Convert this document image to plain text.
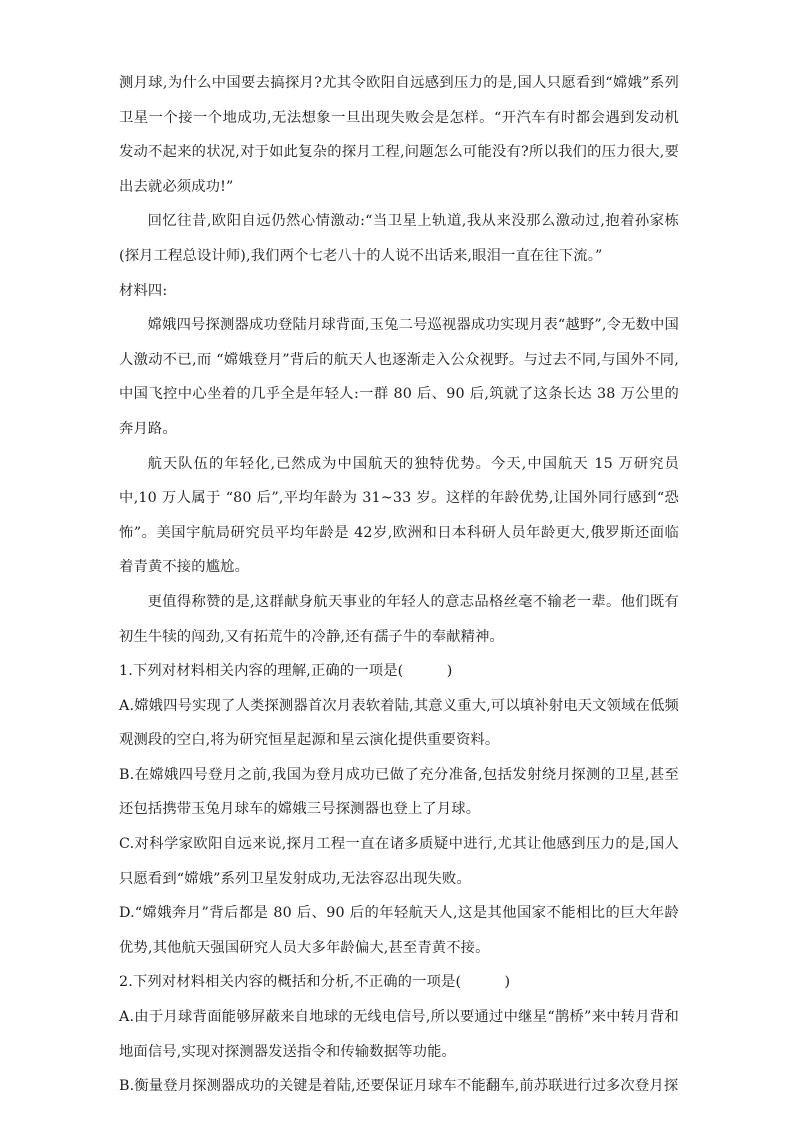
测月球,为什么中国要去搞探月?尤其令欧阳自远感到压力的是,国人只愿看到“嫦娥”系列卫星一个接一个地成功,无法想象一旦出现失败会是怎样。“开汽车有时都会遇到发动机发动不起来的状况,对于如此复杂的探月工程,问题怎么可能没有?所以我们的压力很大,要出去就必须成功!”

回忆往昔,欧阳自远仍然心情激动:“当卫星上轨道,我从来没那么激动过,抱着孙家栋(探月工程总设计师),我们两个七老八十的人说不出话来,眼泪一直在往下流。”

材料四:

嫦娥四号探测器成功登陆月球背面,玉兔二号巡视器成功实现月表“越野”,令无数中国人激动不已,而 “嫦娥登月”背后的航天人也逐渐走入公众视野。与过去不同,与国外不同,中国飞控中心坐着的几乎全是年轻人:一群 80 后、90 后,筑就了这条长达 38 万公里的奔月路。

航天队伍的年轻化,已然成为中国航天的独特优势。今天,中国航天 15 万研究员中,10 万人属于 “80 后”,平均年龄为 31~33 岁。这样的年龄优势,让国外同行感到“恐怖”。美国宇航局研究员平均年龄是 42岁,欧洲和日本科研人员年龄更大,俄罗斯还面临着青黄不接的尴尬。

更值得称赞的是,这群献身航天事业的年轻人的意志品格丝毫不输老一辈。他们既有初生牛犊的闯劲,又有拓荒牛的冷静,还有孺子牛的奉献精神。

1.下列对材料相关内容的理解,正确的一项是(　　　)

A.嫦娥四号实现了人类探测器首次月表软着陆,其意义重大,可以填补射电天文领域在低频观测段的空白,将为研究恒星起源和星云演化提供重要资料。

B.在嫦娥四号登月之前,我国为登月成功已做了充分准备,包括发射绕月探测的卫星,甚至还包括携带玉兔月球车的嫦娥三号探测器也登上了月球。

C.对科学家欧阳自远来说,探月工程一直在诸多质疑中进行,尤其让他感到压力的是,国人只愿看到“嫦娥”系列卫星发射成功,无法容忍出现失败。

D.“嫦娥奔月”背后都是 80 后、90 后的年轻航天人,这是其他国家不能相比的巨大年龄优势,其他航天强国研究人员大多年龄偏大,甚至青黄不接。

2.下列对材料相关内容的概括和分析,不正确的一项是(　　　)

A.由于月球背面能够屏蔽来自地球的无线电信号,所以要通过中继星“鹊桥”来中转月背和地面信号,实现对探测器发送指令和传输数据等功能。

B.衡量登月探测器成功的关键是着陆,还要保证月球车不能翻车,前苏联进行过多次登月探
